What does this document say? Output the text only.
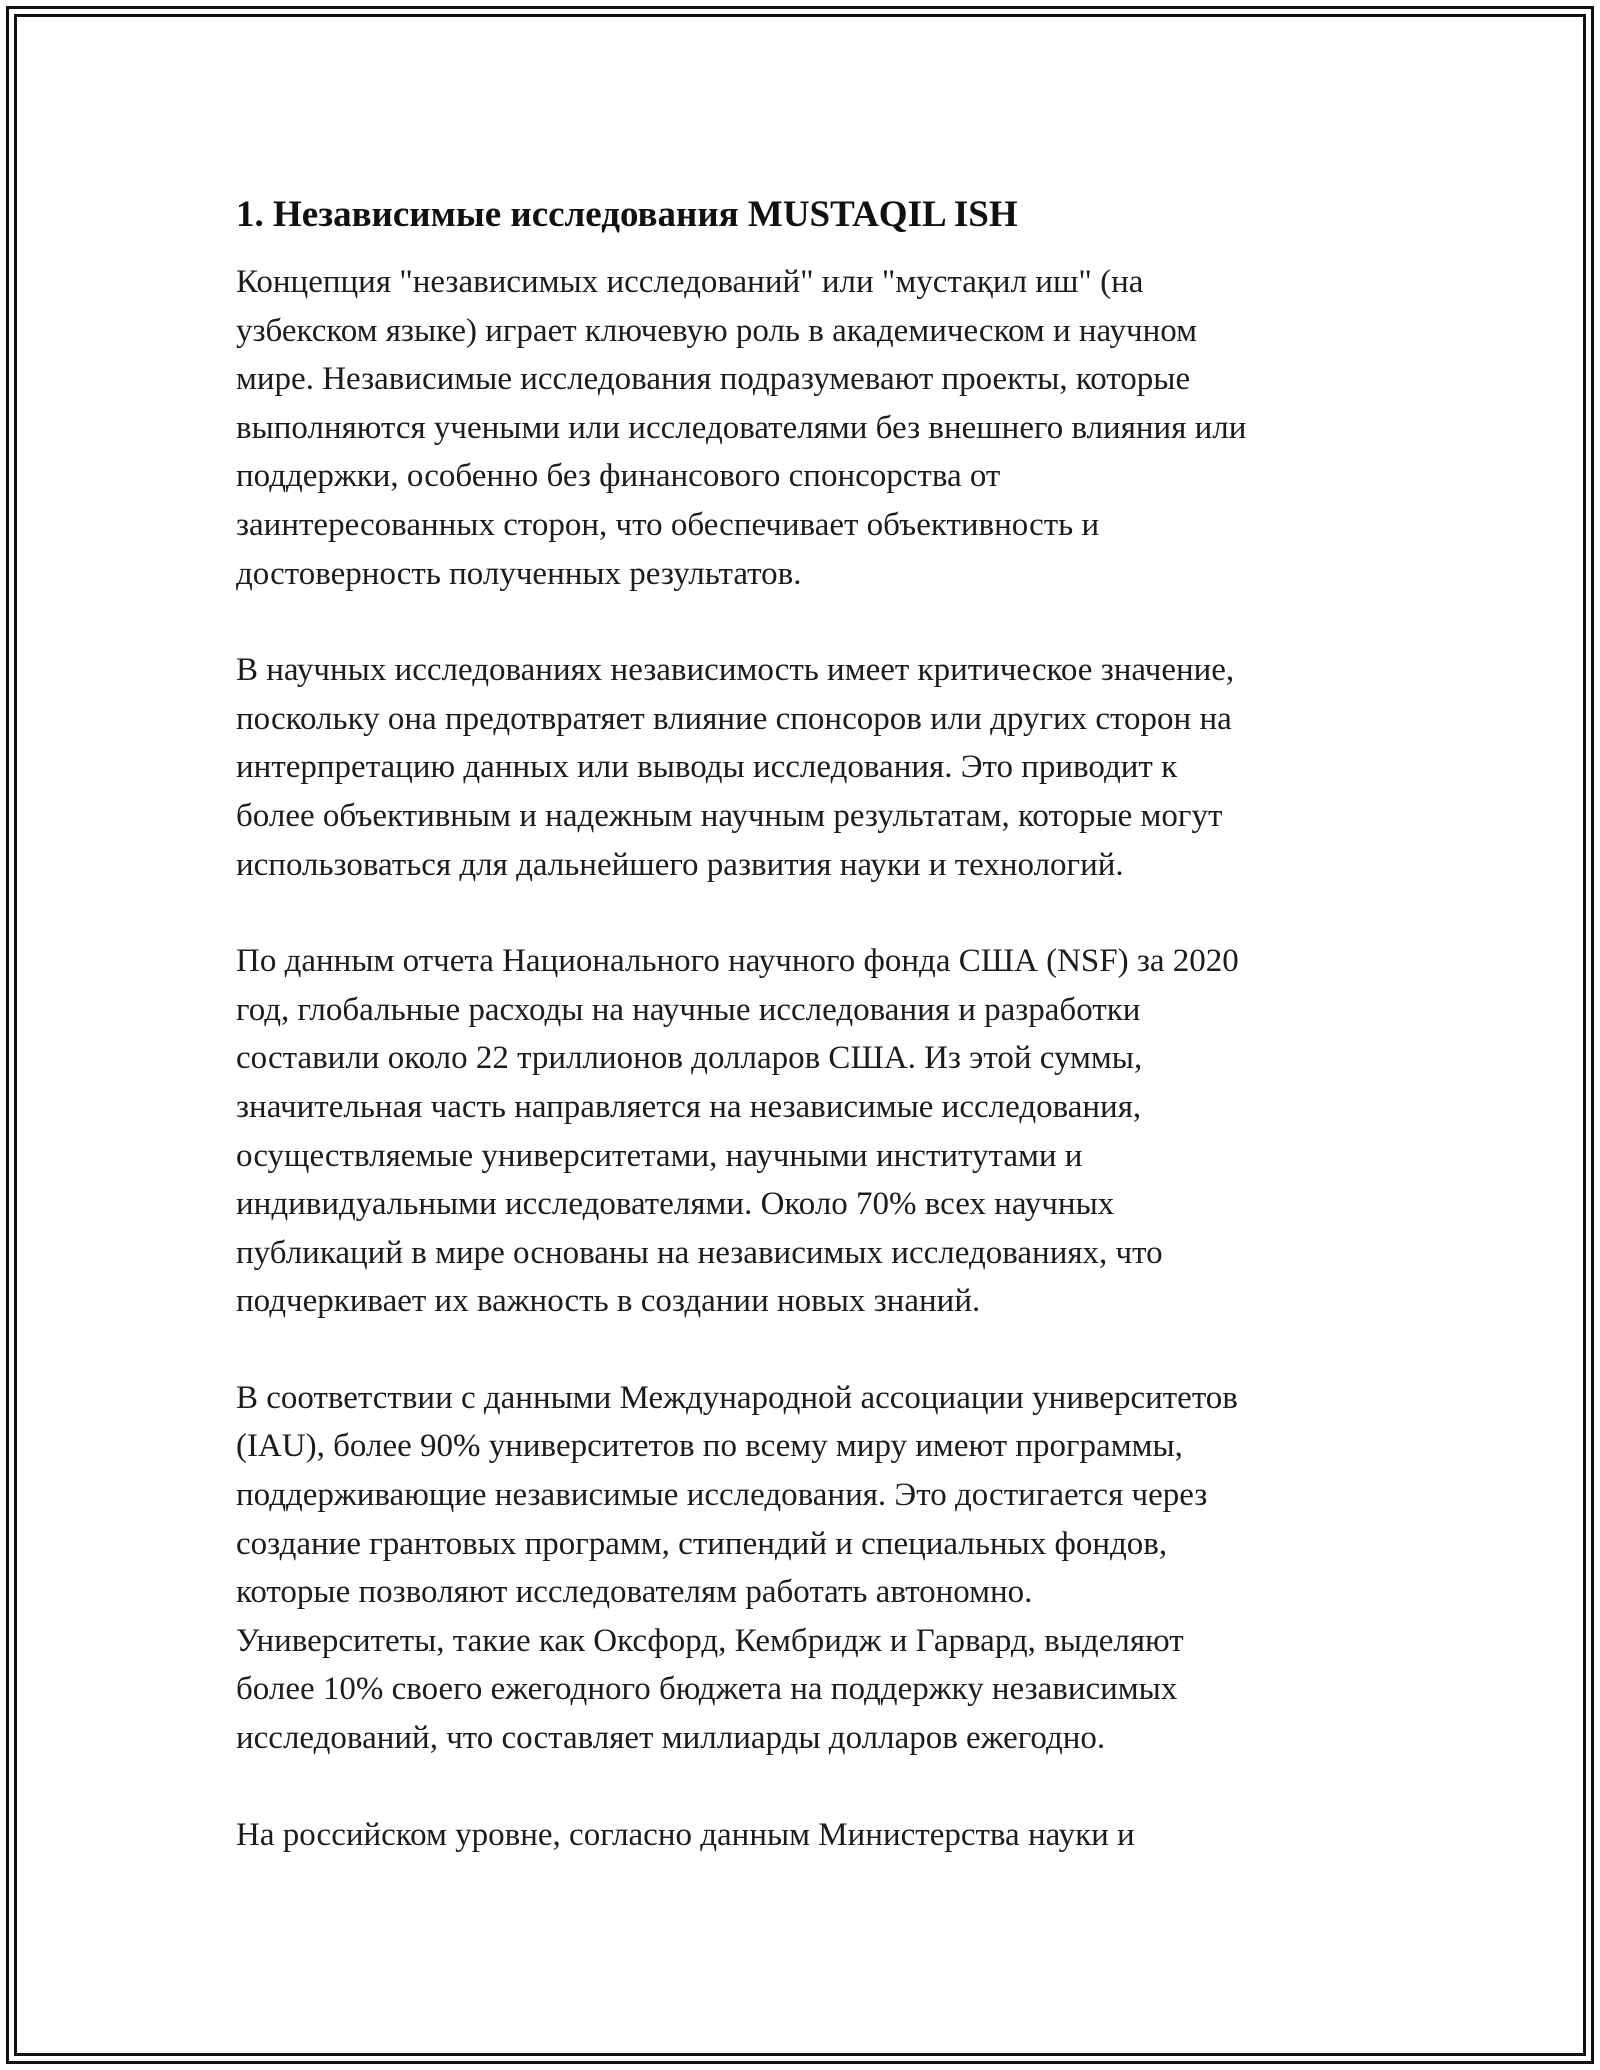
1. Независимые исследования MUSTAQIL ISH

Концепция "независимых исследований" или "мустақил иш" (на
узбекском языке) играет ключевую роль в академическом и научном
мире. Независимые исследования подразумевают проекты, которые
выполняются учеными или исследователями без внешнего влияния или
поддержки, особенно без финансового спонсорства от
заинтересованных сторон, что обеспечивает объективность и
достоверность полученных результатов.

В научных исследованиях независимость имеет критическое значение,
поскольку она предотвратяет влияние спонсоров или других сторон на
интерпретацию данных или выводы исследования. Это приводит к
более объективным и надежным научным результатам, которые могут
использоваться для дальнейшего развития науки и технологий.

По данным отчета Национального научного фонда США (NSF) за 2020
год, глобальные расходы на научные исследования и разработки
составили около 22 триллионов долларов США. Из этой суммы,
значительная часть направляется на независимые исследования,
осуществляемые университетами, научными институтами и
индивидуальными исследователями. Около 70% всех научных
публикаций в мире основаны на независимых исследованиях, что
подчеркивает их важность в создании новых знаний.

В соответствии с данными Международной ассоциации университетов
(IAU), более 90% университетов по всему миру имеют программы,
поддерживающие независимые исследования. Это достигается через
создание грантовых программ, стипендий и специальных фондов,
которые позволяют исследователям работать автономно.
Университеты, такие как Оксфорд, Кембридж и Гарвард, выделяют
более 10% своего ежегодного бюджета на поддержку независимых
исследований, что составляет миллиарды долларов ежегодно.

На российском уровне, согласно данным Министерства науки и
